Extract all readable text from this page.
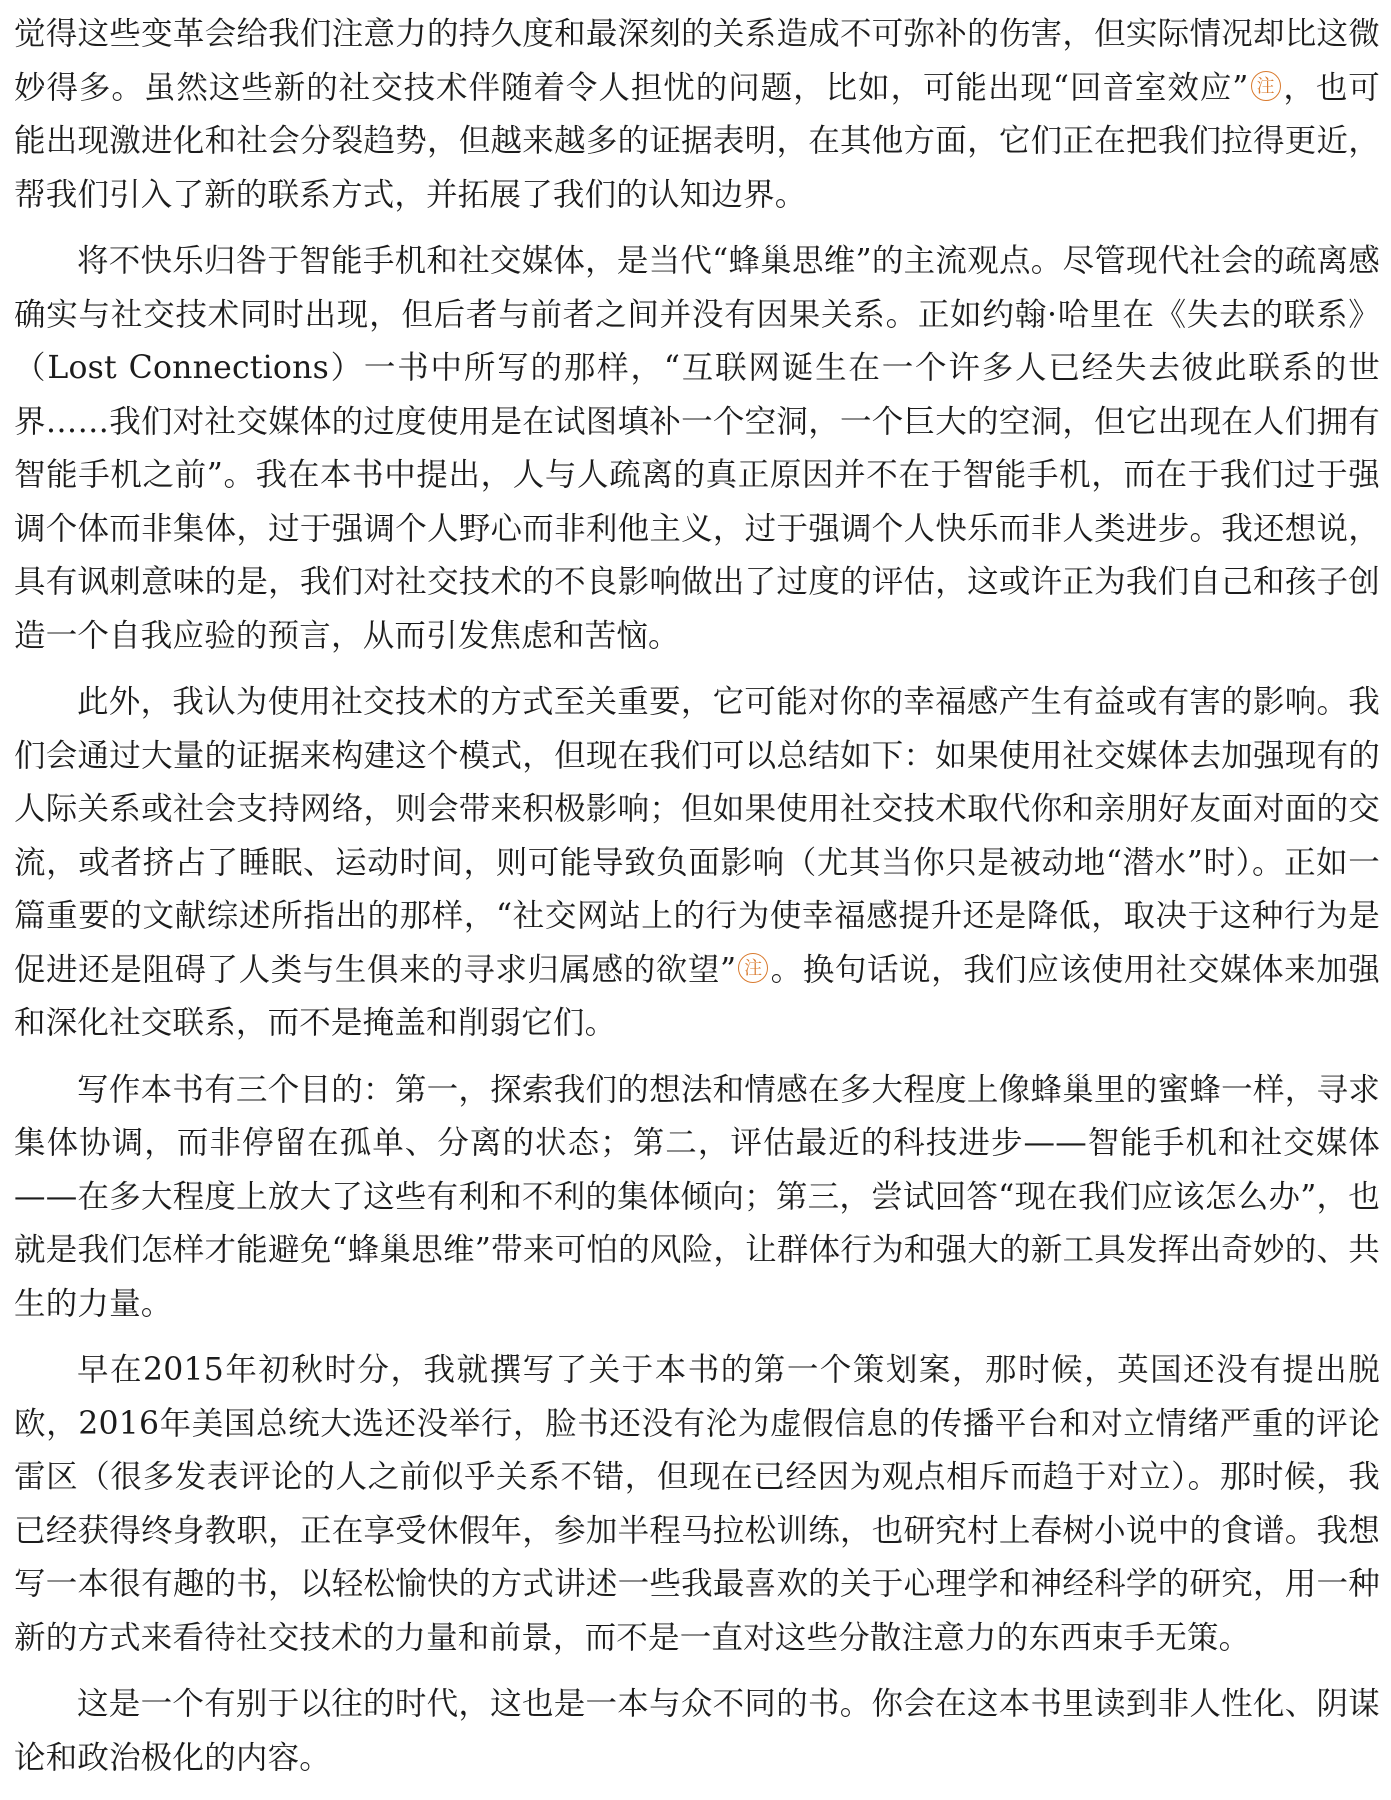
觉得这些变革会给我们注意力的持久度和最深刻的关系造成不可弥补的伤害，但实际情况却比这微妙得多。虽然这些新的社交技术伴随着令人担忧的问题，比如，可能出现“回音室效应” 注 ，也可能出现激进化和社会分裂趋势，但越来越多的证据表明，在其他方面，它们正在把我们拉得更近，帮我们引入了新的联系方式，并拓展了我们的认知边界。

将不快乐归咎于智能手机和社交媒体，是当代“蜂巢思维”的主流观点。尽管现代社会的疏离感确实与社交技术同时出现，但后者与前者之间并没有因果关系。正如约翰·哈里在《失去的联系》（Lost Connections）一书中所写的那样，“互联网诞生在一个许多人已经失去彼此联系的世界……我们对社交媒体的过度使用是在试图填补一个空洞，一个巨大的空洞，但它出现在人们拥有智能手机之前”。我在本书中提出，人与人疏离的真正原因并不在于智能手机，而在于我们过于强调个体而非集体，过于强调个人野心而非利他主义，过于强调个人快乐而非人类进步。我还想说，具有讽刺意味的是，我们对社交技术的不良影响做出了过度的评估，这或许正为我们自己和孩子创造一个自我应验的预言，从而引发焦虑和苦恼。

此外，我认为使用社交技术的方式至关重要，它可能对你的幸福感产生有益或有害的影响。我们会通过大量的证据来构建这个模式，但现在我们可以总结如下：如果使用社交媒体去加强现有的人际关系或社会支持网络，则会带来积极影响；但如果使用社交技术取代你和亲朋好友面对面的交流，或者挤占了睡眠、运动时间，则可能导致负面影响（尤其当你只是被动地“潜水”时）。正如一篇重要的文献综述所指出的那样，“社交网站上的行为使幸福感提升还是降低，取决于这种行为是促进还是阻碍了人类与生俱来的寻求归属感的欲望” 注 。换句话说，我们应该使用社交媒体来加强和深化社交联系，而不是掩盖和削弱它们。

写作本书有三个目的：第一，探索我们的想法和情感在多大程度上像蜂巢里的蜜蜂一样，寻求集体协调，而非停留在孤单、分离的状态；第二，评估最近的科技进步——智能手机和社交媒体——在多大程度上放大了这些有利和不利的集体倾向；第三，尝试回答“现在我们应该怎么办”，也就是我们怎样才能避免“蜂巢思维”带来可怕的风险，让群体行为和强大的新工具发挥出奇妙的、共生的力量。

早在2015年初秋时分，我就撰写了关于本书的第一个策划案，那时候，英国还没有提出脱欧，2016年美国总统大选还没举行，脸书还没有沦为虚假信息的传播平台和对立情绪严重的评论雷区（很多发表评论的人之前似乎关系不错，但现在已经因为观点相斥而趋于对立）。那时候，我已经获得终身教职，正在享受休假年，参加半程马拉松训练，也研究村上春树小说中的食谱。我想写一本很有趣的书，以轻松愉快的方式讲述一些我最喜欢的关于心理学和神经科学的研究，用一种新的方式来看待社交技术的力量和前景，而不是一直对这些分散注意力的东西束手无策。

这是一个有别于以往的时代，这也是一本与众不同的书。你会在这本书里读到非人性化、阴谋论和政治极化的内容。
